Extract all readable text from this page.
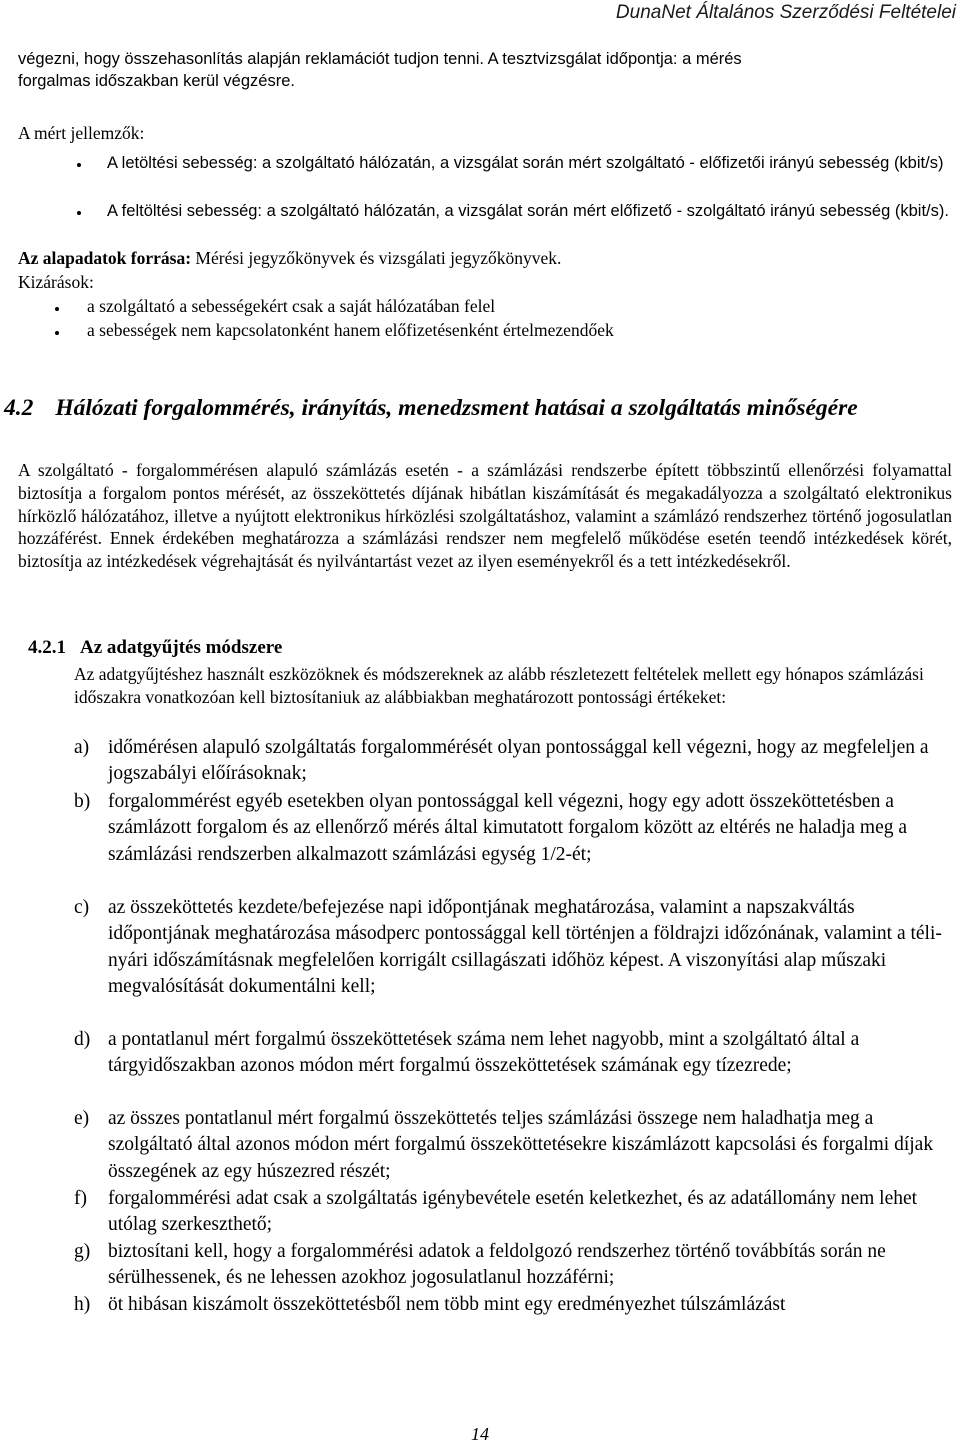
DunaNet Általános Szerződési Feltételei
végezni, hogy összehasonlítás alapján reklamációt tudjon tenni. A tesztvizsgálat időpontja: a mérés
forgalmas időszakban kerül végzésre.
A mért jellemzők:
A letöltési sebesség: a szolgáltató hálózatán, a vizsgálat során mért szolgáltató - előfizetői irányú sebesség (kbit/s)
A feltöltési sebesség: a szolgáltató hálózatán, a vizsgálat során mért előfizető - szolgáltató irányú sebesség (kbit/s).
Az alapadatok forrása: Mérési jegyzőkönyvek és vizsgálati jegyzőkönyvek.
Kizárások:
a szolgáltató a sebességekért csak a saját hálózatában felel
a sebességek nem kapcsolatonként hanem előfizetésenként értelmezendőek
4.2 Hálózati forgalommérés, irányítás, menedzsment hatásai a szolgáltatás minőségére
A szolgáltató - forgalommérésen alapuló számlázás esetén - a számlázási rendszerbe épített többszintű ellenőrzési folyamattal biztosítja a forgalom pontos mérését, az összeköttetés díjának hibátlan kiszámítását és megakadályozza a szolgáltató elektronikus hírközlő hálózatához, illetve a nyújtott elektronikus hírközlési szolgáltatáshoz, valamint a számlázó rendszerhez történő jogosulatlan hozzáférést. Ennek érdekében meghatározza a számlázási rendszer nem megfelelő működése esetén teendő intézkedések körét, biztosítja az intézkedések végrehajtását és nyilvántartást vezet az ilyen eseményekről és a tett intézkedésekről.
4.2.1 Az adatgyűjtés módszere
Az adatgyűjtéshez használt eszközöknek és módszereknek az alább részletezett feltételek mellett egy hónapos számlázási időszakra vonatkozóan kell biztosítaniuk az alábbiakban meghatározott pontossági értékeket:
a) időmérésen alapuló szolgáltatás forgalommérését olyan pontossággal kell végezni, hogy az megfeleljen a jogszabályi előírásoknak;
b) forgalommérést egyéb esetekben olyan pontossággal kell végezni, hogy egy adott összeköttetésben a számlázott forgalom és az ellenőrző mérés által kimutatott forgalom között az eltérés ne haladja meg a számlázási rendszerben alkalmazott számlázási egység 1/2-ét;
c) az összeköttetés kezdete/befejezése napi időpontjának meghatározása, valamint a napszakváltás időpontjának meghatározása másodperc pontossággal kell történjen a földrajzi időzónának, valamint a téli-nyári időszámításnak megfelelően korrigált csillagászati időhöz képest. A viszonyítási alap műszaki megvalósítását dokumentálni kell;
d) a pontatlanul mért forgalmú összeköttetések száma nem lehet nagyobb, mint a szolgáltató által a tárgyidőszakban azonos módon mért forgalmú összeköttetések számának egy tízezrede;
e) az összes pontatlanul mért forgalmú összeköttetés teljes számlázási összege nem haladhatja meg a szolgáltató által azonos módon mért forgalmú összeköttetésekre kiszámlázott kapcsolási és forgalmi díjak összegének az egy húszezred részét;
f) forgalommérési adat csak a szolgáltatás igénybevétele esetén keletkezhet, és az adatállomány nem lehet utólag szerkeszthető;
g) biztosítani kell, hogy a forgalommérési adatok a feldolgozó rendszerhez történő továbbítás során ne sérülhessenek, és ne lehessen azokhoz jogosulatlanul hozzáférni;
h) öt hibásan kiszámolt összeköttetésből nem több mint egy eredményezhet túlszámlázást
14
